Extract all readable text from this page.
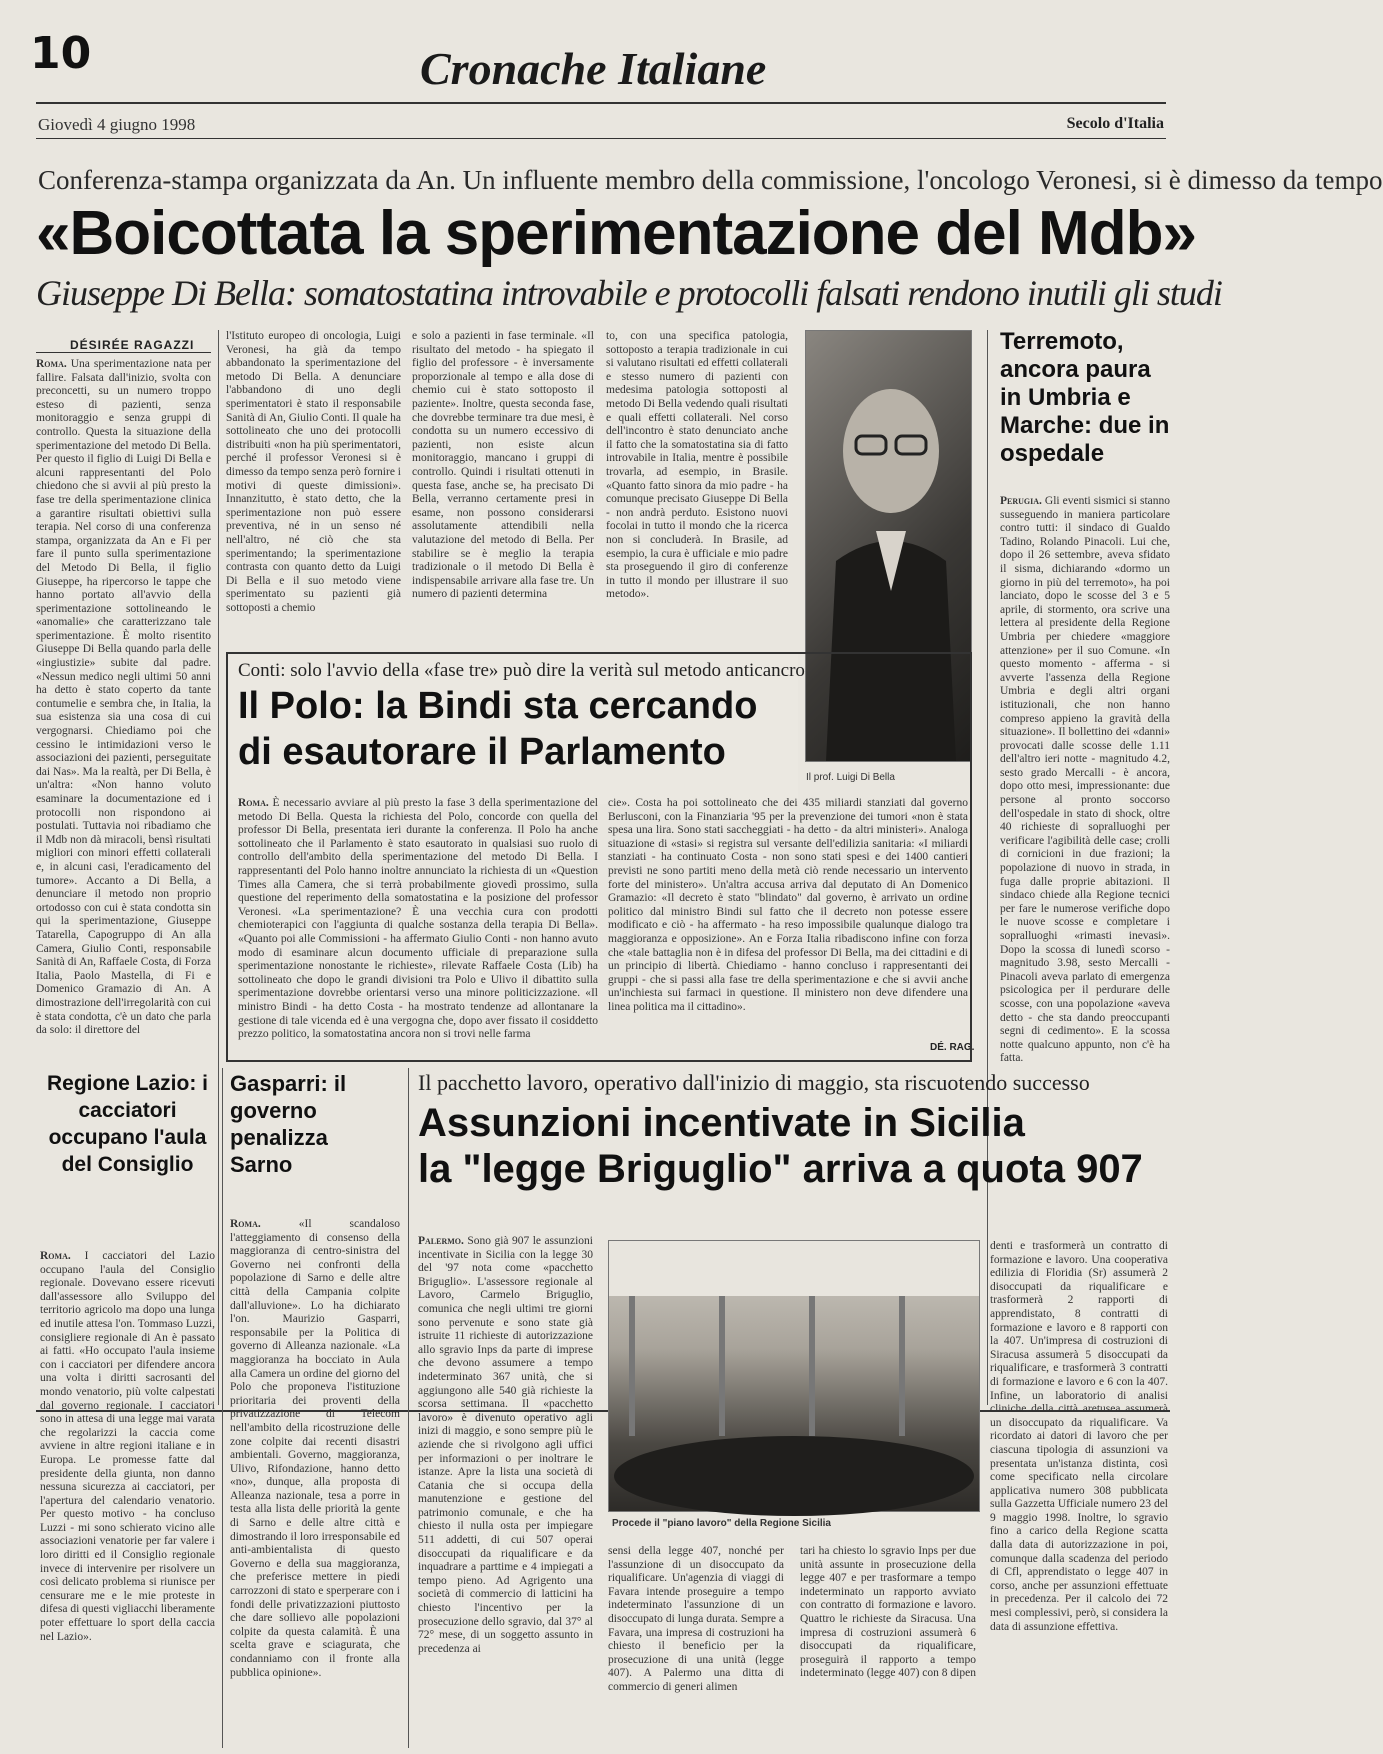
10	Cronache Italiane
Giovedì 4 giugno 1998	Secolo d'Italia
Conferenza-stampa organizzata da An. Un influente membro della commissione, l'oncologo Veronesi, si è dimesso da tempo
«Boicottata la sperimentazione del Mdb»
Giuseppe Di Bella: somatostatina introvabile e protocolli falsati rendono inutili gli studi
DÉSIRÉE RAGAZZI
Roma. Una sperimentazione nata per fallire. Falsata dall'inizio, svolta con preconcetti, su un numero troppo esteso di pazienti, senza monitoraggio e senza gruppi di controllo. Questa la situazione della sperimentazione del metodo Di Bella. Per questo il figlio di Luigi Di Bella e alcuni rappresentanti del Polo chiedono che si avvii al più presto la fase tre della sperimentazione clinica a garantire risultati obiettivi sulla terapia. Nel corso di una conferenza stampa, organizzata da An e Fi per fare il punto sulla sperimentazione del Metodo Di Bella, il figlio Giuseppe, ha ripercorso le tappe che hanno portato all'avvio della sperimentazione sottolineando le «anomalie» che caratterizzano tale sperimentazione. È molto risentito Giuseppe Di Bella quando parla delle «ingiustizie» subite dal padre. «Nessun medico negli ultimi 50 anni ha detto è stato coperto da tante contumelie e sembra che, in Italia, la sua esistenza sia una cosa di cui vergognarsi. Chiediamo poi che cessino le intimidazioni verso le associazioni dei pazienti, perseguitate dai Nas». Ma la realtà, per Di Bella, è un'altra: «Non hanno voluto esaminare la documentazione ed i protocolli non rispondono ai postulati. Tuttavia noi ribadiamo che il Mdb non dà miracoli, bensì risultati migliori con minori effetti collaterali e, in alcuni casi, l'eradicamento del tumore». Accanto a Di Bella, a denunciare il metodo non proprio ortodosso con cui è stata condotta sin qui la sperimentazione, Giuseppe Tatarella, Capogruppo di An alla Camera, Giulio Conti, responsabile Sanità di An, Raffaele Costa, di Forza Italia, Paolo Mastella, di Fi e Domenico Gramazio di An. A dimostrazione dell'irregolarità con cui è stata condotta, c'è un dato che parla da solo: il direttore del
l'Istituto europeo di oncologia, Luigi Veronesi, ha già da tempo abbandonato la sperimentazione del metodo Di Bella. A denunciare l'abbandono di uno degli sperimentatori è stato il responsabile Sanità di An, Giulio Conti. Il quale ha sottolineato che uno dei protocolli distribuiti «non ha più sperimentatori, perché il professor Veronesi si è dimesso da tempo senza però fornire i motivi di queste dimissioni». Innanzitutto, è stato detto, che la sperimentazione non può essere preventiva, né in un senso né nell'altro, né ciò che sta sperimentando; la sperimentazione contrasta con quanto detto da Luigi Di Bella e il suo metodo viene sperimentato su pazienti già sottoposti a chemio
e solo a pazienti in fase terminale. «Il risultato del metodo - ha spiegato il figlio del professore - è inversamente proporzionale al tempo e alla dose di chemio cui è stato sottoposto il paziente». Inoltre, questa seconda fase, che dovrebbe terminare tra due mesi, è condotta su un numero eccessivo di pazienti, non esiste alcun monitoraggio, mancano i gruppi di controllo. Quindi i risultati ottenuti in questa fase, anche se, ha precisato Di Bella, verranno certamente presi in esame, non possono considerarsi assolutamente attendibili nella valutazione del metodo di Bella. Per stabilire se è meglio la terapia tradizionale o il metodo Di Bella è indispensabile arrivare alla fase tre. Un numero di pazienti determina
to, con una specifica patologia, sottoposto a terapia tradizionale in cui si valutano risultati ed effetti collaterali e stesso numero di pazienti con medesima patologia sottoposti al metodo Di Bella vedendo quali risultati e quali effetti collaterali. Nel corso dell'incontro è stato denunciato anche il fatto che la somatostatina sia di fatto introvabile in Italia, mentre è possibile trovarla, ad esempio, in Brasile. «Quanto fatto sinora da mio padre - ha comunque precisato Giuseppe Di Bella - non andrà perduto. Esistono nuovi focolai in tutto il mondo che la ricerca non si concluderà. In Brasile, ad esempio, la cura è ufficiale e mio padre sta proseguendo il giro di conferenze in tutto il mondo per illustrare il suo metodo».
Il prof. Luigi Di Bella
Conti: solo l'avvio della «fase tre» può dire la verità sul metodo anticancro
Il Polo: la Bindi sta cercando
di esautorare il Parlamento
Roma. È necessario avviare al più presto la fase 3 della sperimentazione del metodo Di Bella. Questa la richiesta del Polo, concorde con quella del professor Di Bella, presentata ieri durante la conferenza. Il Polo ha anche sottolineato che il Parlamento è stato esautorato in qualsiasi suo ruolo di controllo dell'ambito della sperimentazione del metodo Di Bella. I rappresentanti del Polo hanno inoltre annunciato la richiesta di un «Question Times alla Camera, che si terrà probabilmente giovedì prossimo, sulla questione del reperimento della somatostatina e la posizione del professor Veronesi. «La sperimentazione? È una vecchia cura con prodotti chemioterapici con l'aggiunta di qualche sostanza della terapia Di Bella». «Quanto poi alle Commissioni - ha affermato Giulio Conti - non hanno avuto modo di esaminare alcun documento ufficiale di preparazione sulla sperimentazione nonostante le richieste», rilevate Raffaele Costa (Lib) ha sottolineato che dopo le grandi divisioni tra Polo e Ulivo il dibattito sulla sperimentazione dovrebbe orientarsi verso una minore politicizzazione. «Il ministro Bindi - ha detto Costa - ha mostrato tendenze ad allontanare la gestione di tale vicenda ed è una vergogna che, dopo aver fissato il cosiddetto prezzo politico, la somatostatina ancora non si trovi nelle farma
cie». Costa ha poi sottolineato che dei 435 miliardi stanziati dal governo Berlusconi, con la Finanziaria '95 per la prevenzione dei tumori «non è stata spesa una lira. Sono stati saccheggiati - ha detto - da altri ministeri». Analoga situazione di «stasi» si registra sul versante dell'edilizia sanitaria: «I miliardi stanziati - ha continuato Costa - non sono stati spesi e dei 1400 cantieri previsti ne sono partiti meno della metà ciò rende necessario un intervento forte del ministero». Un'altra accusa arriva dal deputato di An Domenico Gramazio: «Il decreto è stato "blindato" dal governo, è arrivato un ordine politico dal ministro Bindi sul fatto che il decreto non potesse essere modificato e ciò - ha affermato - ha reso impossibile qualunque dialogo tra maggioranza e opposizione». An e Forza Italia ribadiscono infine con forza che «tale battaglia non è in difesa del professor Di Bella, ma dei cittadini e di un principio di libertà. Chiediamo - hanno concluso i rappresentanti dei gruppi - che si passi alla fase tre della sperimentazione e che si avvii anche un'inchiesta sui farmaci in questione. Il ministero non deve difendere una linea politica ma il cittadino».
DÉ. RAG.
Terremoto, ancora paura in Umbria e Marche: due in ospedale
Perugia. Gli eventi sismici si stanno susseguendo in maniera particolare contro tutti: il sindaco di Gualdo Tadino, Rolando Pinacoli. Lui che, dopo il 26 settembre, aveva sfidato il sisma, dichiarando «dormo un giorno in più del terremoto», ha poi lanciato, dopo le scosse del 3 e 5 aprile, di stormento, ora scrive una lettera al presidente della Regione Umbria per chiedere «maggiore attenzione» per il suo Comune. «In questo momento - afferma - si avverte l'assenza della Regione Umbria e degli altri organi istituzionali, che non hanno compreso appieno la gravità della situazione». Il bollettino dei «danni» provocati dalle scosse delle 1.11 dell'altro ieri notte - magnitudo 4.2, sesto grado Mercalli - è ancora, dopo otto mesi, impressionante: due persone al pronto soccorso dell'ospedale in stato di shock, oltre 40 richieste di sopralluoghi per verificare l'agibilità delle case; crolli di cornicioni in due frazioni; la popolazione di nuovo in strada, in fuga dalle proprie abitazioni. Il sindaco chiede alla Regione tecnici per fare le numerose verifiche dopo le nuove scosse e completare i sopralluoghi «rimasti inevasi». Dopo la scossa di lunedì scorso - magnitudo 3.98, sesto Mercalli - Pinacoli aveva parlato di emergenza psicologica per il perdurare delle scosse, con una popolazione «aveva detto - che sta dando preoccupanti segni di cedimento». E la scossa notte qualcuno appunto, non c'è ha fatta.
Regione Lazio: i cacciatori occupano l'aula del Consiglio
Roma. I cacciatori del Lazio occupano l'aula del Consiglio regionale. Dovevano essere ricevuti dall'assessore allo Sviluppo del territorio agricolo ma dopo una lunga ed inutile attesa l'on. Tommaso Luzzi, consigliere regionale di An è passato ai fatti. «Ho occupato l'aula insieme con i cacciatori per difendere ancora una volta i diritti sacrosanti del mondo venatorio, più volte calpestati dal governo regionale. I cacciatori sono in attesa di una legge mai varata che regolarizzi la caccia come avviene in altre regioni italiane e in Europa. Le promesse fatte dal presidente della giunta, non danno nessuna sicurezza ai cacciatori, per l'apertura del calendario venatorio. Per questo motivo - ha concluso Luzzi - mi sono schierato vicino alle associazioni venatorie per far valere i loro diritti ed il Consiglio regionale invece di intervenire per risolvere un così delicato problema si riunisce per censurare me e le mie proteste in difesa di questi vigliacchi liberamente poter effettuare lo sport della caccia nel Lazio».
Gasparri: il governo penalizza Sarno
Roma.	«Il scandaloso l'atteggiamento di consenso della maggioranza di centro-sinistra del Governo nei confronti della popolazione di Sarno e delle altre città della Campania colpite dall'alluvione». Lo ha dichiarato l'on. Maurizio Gasparri, responsabile per la Politica di governo di Alleanza nazionale. «La maggioranza ha bocciato in Aula alla Camera un ordine del giorno del Polo che proponeva l'istituzione prioritaria dei proventi della privatizzazione di Telecom nell'ambito della ricostruzione delle zone colpite dai recenti disastri ambientali. Governo, maggioranza, Ulivo, Rifondazione, hanno detto «no», dunque, alla proposta di Alleanza nazionale, tesa a porre in testa alla lista delle priorità la gente di Sarno e delle altre città e dimostrando il loro irresponsabile ed anti-ambientalista di questo Governo e della sua maggioranza, che preferisce mettere in piedi carrozzoni di stato e sperperare con i fondi delle privatizzazioni piuttosto che dare sollievo alle popolazioni colpite da questa calamità. È una scelta grave e sciagurata, che condanniamo con il fronte alla pubblica opinione».
Il pacchetto lavoro, operativo dall'inizio di maggio, sta riscuotendo successo
Assunzioni incentivate in Sicilia
la "legge Briguglio" arriva a quota 907
Palermo. Sono già 907 le assunzioni incentivate in Sicilia con la legge 30 del '97 nota come «pacchetto Briguglio». L'assessore regionale al Lavoro, Carmelo Briguglio, comunica che negli ultimi tre giorni sono pervenute e sono state già istruite 11 richieste di autorizzazione allo sgravio Inps da parte di imprese che devono assumere a tempo indeterminato 367 unità, che si aggiungono alle 540 già richieste la scorsa settimana. Il «pacchetto lavoro» è divenuto operativo agli inizi di maggio, e sono sempre più le aziende che si rivolgono agli uffici per informazioni o per inoltrare le istanze. Apre la lista una società di Catania che si occupa della manutenzione e gestione del patrimonio comunale, e che ha chiesto il nulla osta per impiegare 511 addetti, di cui 507 operai disoccupati da riqualificare e da inquadrare a parttime e 4 impiegati a tempo pieno. Ad Agrigento una società di commercio di latticini ha chiesto l'incentivo per la prosecuzione dello sgravio, dal 37° al 72° mese, di un soggetto assunto in precedenza ai
Procede il "piano lavoro" della Regione Sicilia
sensi della legge 407, nonché per l'assunzione di un disoccupato da riqualificare. Un'agenzia di viaggi di Favara intende proseguire a tempo indeterminato l'assunzione di un disoccupato di lunga durata. Sempre a Favara, una impresa di costruzioni ha chiesto il beneficio per la prosecuzione di una unità (legge 407). A Palermo una ditta di commercio di generi alimen
tari ha chiesto lo sgravio Inps per due unità assunte in prosecuzione della legge 407 e per trasformare a tempo indeterminato un rapporto avviato con contratto di formazione e lavoro. Quattro le richieste da Siracusa. Una impresa di costruzioni assumerà 6 disoccupati da riqualificare, proseguirà il rapporto a tempo indeterminato (legge 407) con 8 dipen
denti e trasformerà un contratto di formazione e lavoro. Una cooperativa edilizia di Floridia (Sr) assumerà 2 disoccupati da riqualificare e trasformerà 2 rapporti di apprendistato, 8 contratti di formazione e lavoro e 8 rapporti con la 407. Un'impresa di costruzioni di Siracusa assumerà 5 disoccupati da riqualificare, e trasformerà 3 contratti di formazione e lavoro e 6 con la 407. Infine, un laboratorio di analisi cliniche della città aretusea assumerà un disoccupato da riqualificare. Va ricordato ai datori di lavoro che per ciascuna tipologia di assunzioni va presentata un'istanza distinta, così come specificato nella circolare applicativa numero 308 pubblicata sulla Gazzetta Ufficiale numero 23 del 9 maggio 1998. Inoltre, lo sgravio fino a carico della Regione scatta dalla data di autorizzazione in poi, comunque dalla scadenza del periodo di Cfl, apprendistato o legge 407 in corso, anche per assunzioni effettuate in precedenza. Per il calcolo dei 72 mesi complessivi, però, si considera la data di assunzione effettiva.
